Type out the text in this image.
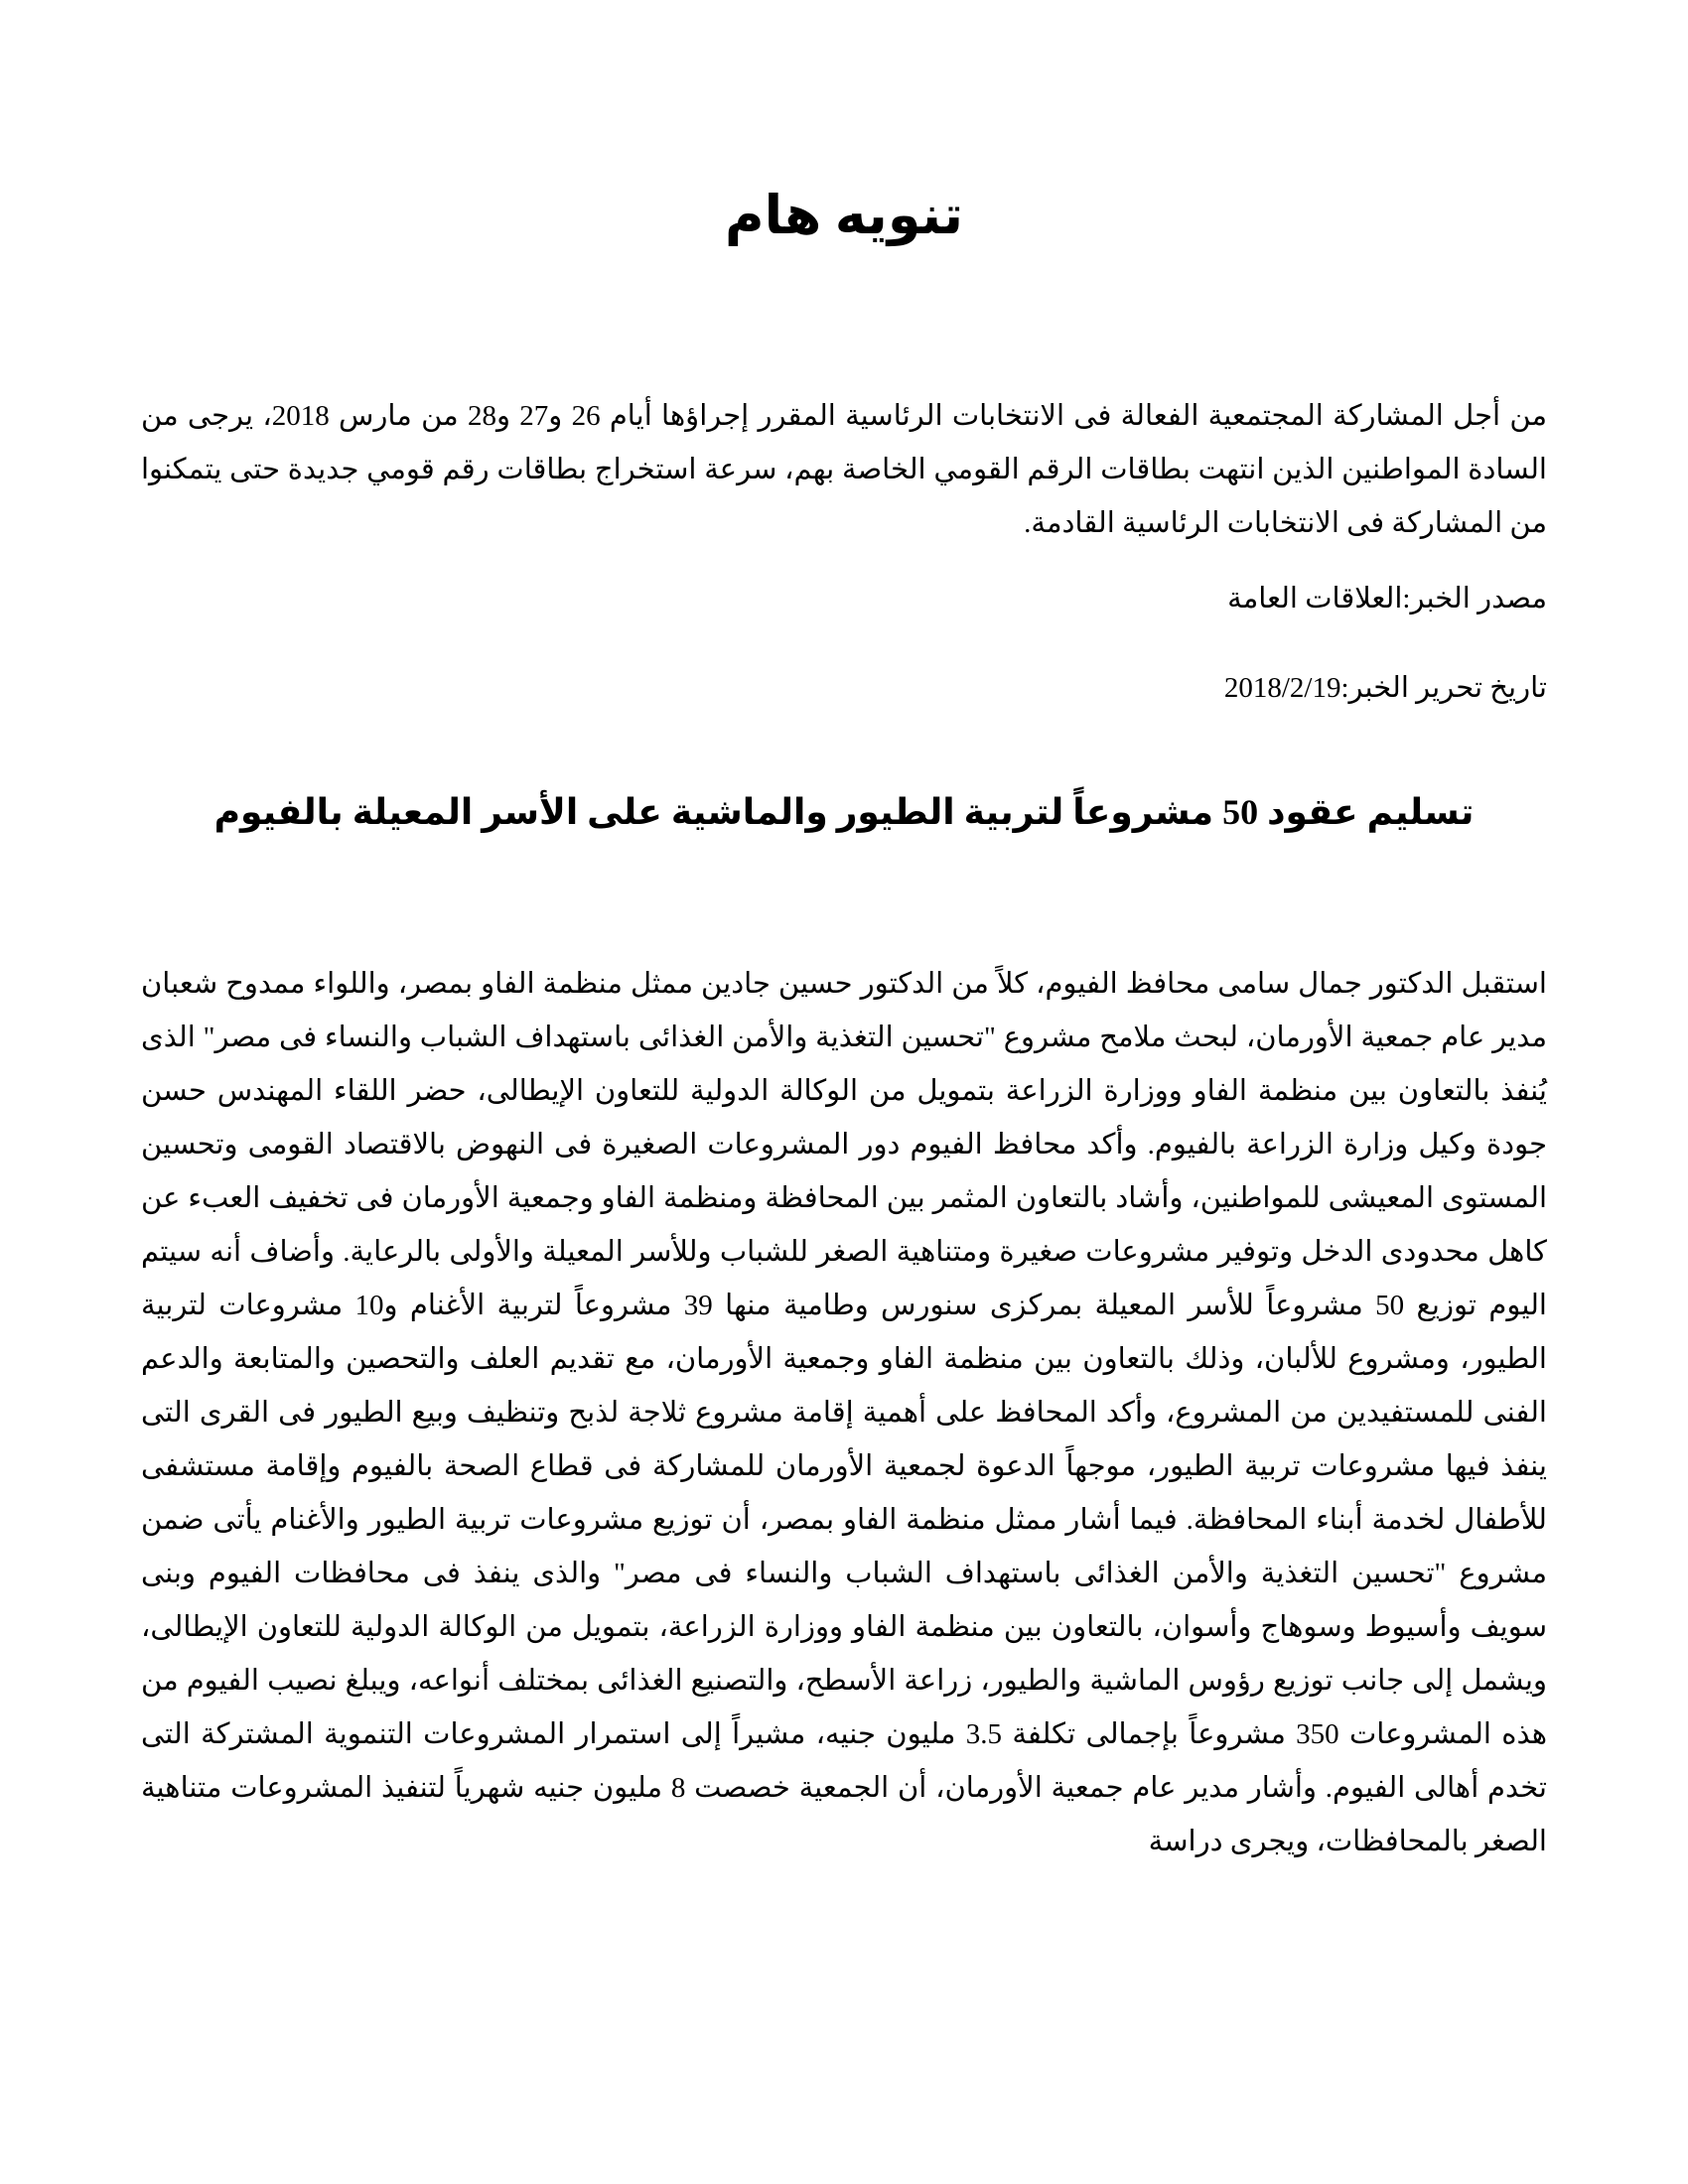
تنويه هام

من أجل المشاركة المجتمعية الفعالة فى الانتخابات الرئاسية المقرر إجراؤها أيام 26 و27 و28 من مارس 2018، يرجى من السادة المواطنين الذين انتهت بطاقات الرقم القومي الخاصة بهم، سرعة استخراج بطاقات رقم قومي جديدة حتى يتمكنوا من المشاركة فى الانتخابات الرئاسية القادمة.

مصدر الخبر:العلاقات العامة

تاريخ تحرير الخبر:2018/2/19

تسليم عقود 50 مشروعاً لتربية الطيور والماشية على الأسر المعيلة بالفيوم

استقبل الدكتور جمال سامى محافظ الفيوم، كلاً من الدكتور حسين جادين ممثل منظمة الفاو بمصر، واللواء ممدوح شعبان مدير عام جمعية الأورمان، لبحث ملامح مشروع "تحسين التغذية والأمن الغذائى باستهداف الشباب والنساء فى مصر" الذى يُنفذ بالتعاون بين منظمة الفاو ووزارة الزراعة بتمويل من الوكالة الدولية للتعاون الإيطالى، حضر اللقاء المهندس حسن جودة وكيل وزارة الزراعة بالفيوم. وأكد محافظ الفيوم دور المشروعات الصغيرة فى النهوض بالاقتصاد القومى وتحسين المستوى المعيشى للمواطنين، وأشاد بالتعاون المثمر بين المحافظة ومنظمة الفاو وجمعية الأورمان فى تخفيف العبء عن كاهل محدودى الدخل وتوفير مشروعات صغيرة ومتناهية الصغر للشباب وللأسر المعيلة والأولى بالرعاية. وأضاف أنه سيتم اليوم توزيع 50 مشروعاً للأسر المعيلة بمركزى سنورس وطامية منها 39 مشروعاً لتربية الأغنام و10 مشروعات لتربية الطيور، ومشروع للألبان، وذلك بالتعاون بين منظمة الفاو وجمعية الأورمان، مع تقديم العلف والتحصين والمتابعة والدعم الفنى للمستفيدين من المشروع، وأكد المحافظ على أهمية إقامة مشروع ثلاجة لذبح وتنظيف وبيع الطيور فى القرى التى ينفذ فيها مشروعات تربية الطيور، موجهاً الدعوة لجمعية الأورمان للمشاركة فى قطاع الصحة بالفيوم وإقامة مستشفى للأطفال لخدمة أبناء المحافظة. فيما أشار ممثل منظمة الفاو بمصر، أن توزيع مشروعات تربية الطيور والأغنام يأتى ضمن مشروع "تحسين التغذية والأمن الغذائى باستهداف الشباب والنساء فى مصر" والذى ينفذ فى محافظات الفيوم وبنى سويف وأسيوط وسوهاج وأسوان، بالتعاون بين منظمة الفاو ووزارة الزراعة، بتمويل من الوكالة الدولية للتعاون الإيطالى، ويشمل إلى جانب توزيع رؤوس الماشية والطيور، زراعة الأسطح، والتصنيع الغذائى بمختلف أنواعه، ويبلغ نصيب الفيوم من هذه المشروعات 350 مشروعاً بإجمالى تكلفة 3.5 مليون جنيه، مشيراً إلى استمرار المشروعات التنموية المشتركة التى تخدم أهالى الفيوم. وأشار مدير عام جمعية الأورمان، أن الجمعية خصصت 8 مليون جنيه شهرياً لتنفيذ المشروعات متناهية الصغر بالمحافظات، ويجرى دراسة
